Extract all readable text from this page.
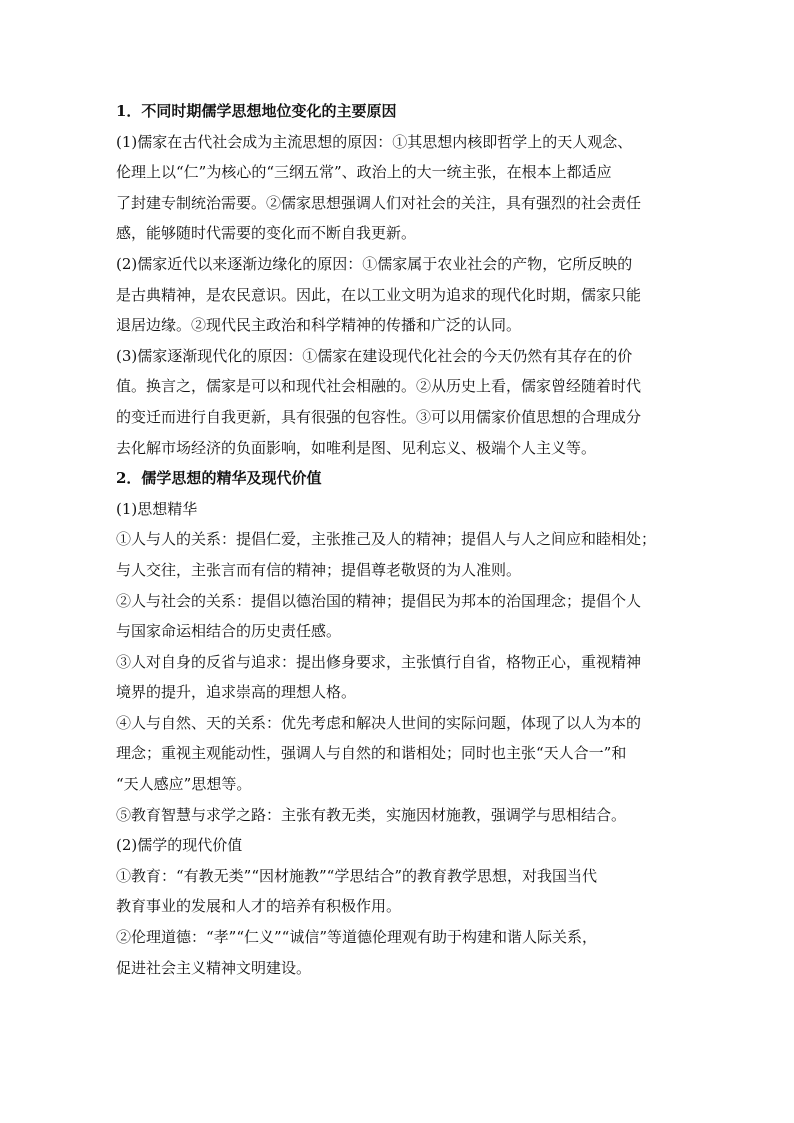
1．不同时期儒学思想地位变化的主要原因
(1)儒家在古代社会成为主流思想的原因：①其思想内核即哲学上的天人观念、
伦理上以“仁”为核心的“三纲五常”、政治上的大一统主张，在根本上都适应
了封建专制统治需要。②儒家思想强调人们对社会的关注，具有强烈的社会责任
感，能够随时代需要的变化而不断自我更新。
(2)儒家近代以来逐渐边缘化的原因：①儒家属于农业社会的产物，它所反映的
是古典精神，是农民意识。因此，在以工业文明为追求的现代化时期，儒家只能
退居边缘。②现代民主政治和科学精神的传播和广泛的认同。
(3)儒家逐渐现代化的原因：①儒家在建设现代化社会的今天仍然有其存在的价
值。换言之，儒家是可以和现代社会相融的。②从历史上看，儒家曾经随着时代
的变迁而进行自我更新，具有很强的包容性。③可以用儒家价值思想的合理成分
去化解市场经济的负面影响，如唯利是图、见利忘义、极端个人主义等。
2．儒学思想的精华及现代价值
(1)思想精华
①人与人的关系：提倡仁爱，主张推己及人的精神；提倡人与人之间应和睦相处；
与人交往，主张言而有信的精神；提倡尊老敬贤的为人准则。
②人与社会的关系：提倡以德治国的精神；提倡民为邦本的治国理念；提倡个人
与国家命运相结合的历史责任感。
③人对自身的反省与追求：提出修身要求，主张慎行自省，格物正心，重视精神
境界的提升，追求崇高的理想人格。
④人与自然、天的关系：优先考虑和解决人世间的实际问题，体现了以人为本的
理念；重视主观能动性，强调人与自然的和谐相处；同时也主张“天人合一”和
“天人感应”思想等。
⑤教育智慧与求学之路：主张有教无类，实施因材施教，强调学与思相结合。
(2)儒学的现代价值
①教育：“有教无类”“因材施教”“学思结合”的教育教学思想，对我国当代
教育事业的发展和人才的培养有积极作用。
②伦理道德：“孝”“仁义”“诚信”等道德伦理观有助于构建和谐人际关系，
促进社会主义精神文明建设。
